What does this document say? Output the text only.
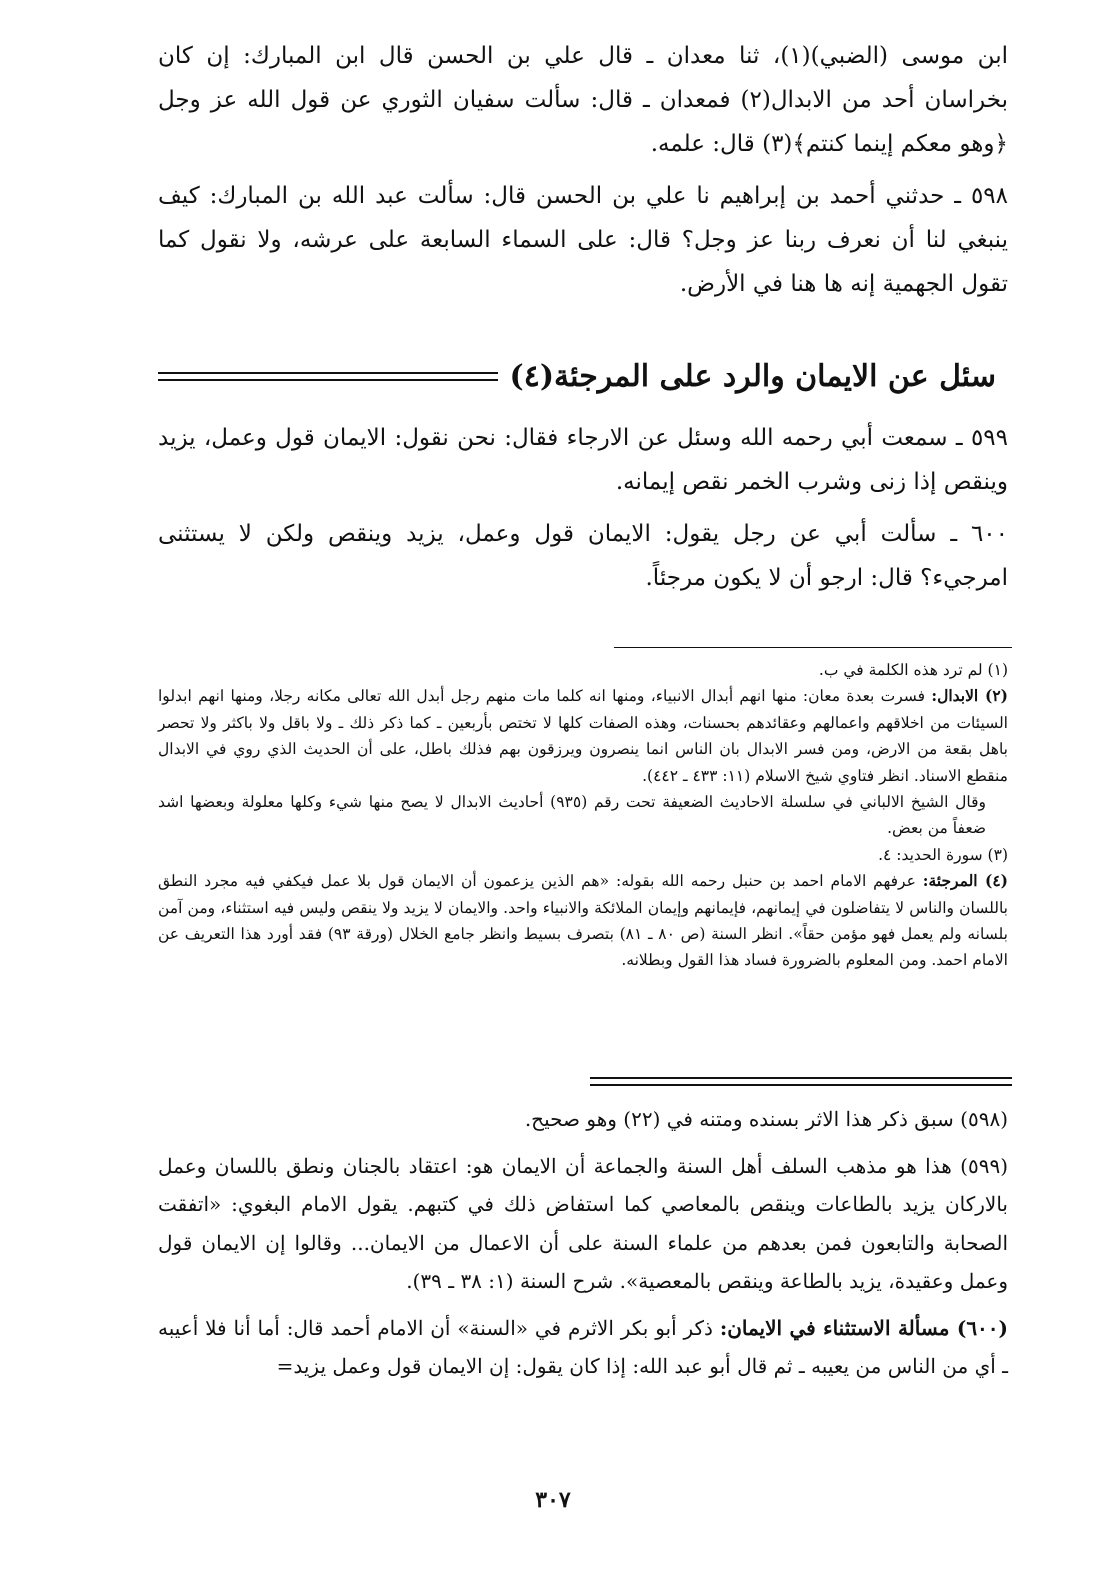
ابن موسى (الضبي)(١)، ثنا معدان ـ قال علي بن الحسن قال ابن المبارك: إن كان بخراسان أحد من الابدال(٢) فمعدان ـ قال: سألت سفيان الثوري عن قول الله عز وجل ﴿وهو معكم إينما كنتم﴾(٣) قال: علمه.

٥٩٨ ـ حدثني أحمد بن إبراهيم نا علي بن الحسن قال: سألت عبد الله بن المبارك: كيف ينبغي لنا أن نعرف ربنا عز وجل؟ قال: على السماء السابعة على عرشه، ولا نقول كما تقول الجهمية إنه ها هنا في الأرض.

سئل عن الايمان والرد على المرجئة(٤)

٥٩٩ ـ سمعت أبي رحمه الله وسئل عن الارجاء فقال: نحن نقول: الايمان قول وعمل، يزيد وينقص إذا زنى وشرب الخمر نقص إيمانه.

٦٠٠ ـ سألت أبي عن رجل يقول: الايمان قول وعمل، يزيد وينقص ولكن لا يستثنى امرجيء؟ قال: ارجو أن لا يكون مرجئاً.

(١) لم ترد هذه الكلمة في ب.

(٢) الابدال: فسرت بعدة معان: منها انهم أبدال الانبياء، ومنها انه كلما مات منهم رجل أبدل الله تعالى مكانه رجلا، ومنها انهم ابدلوا السيئات من اخلاقهم واعمالهم وعقائدهم بحسنات، وهذه الصفات كلها لا تختص بأربعين ـ كما ذكر ذلك ـ ولا باقل ولا باكثر ولا تحصر باهل بقعة من الارض، ومن فسر الابدال بان الناس انما ينصرون ويرزقون بهم فذلك باطل، على أن الحديث الذي روي في الابدال منقطع الاسناد. انظر فتاوي شيخ الاسلام (١١: ٤٣٣ ـ ٤٤٢).

وقال الشيخ الالباني في سلسلة الاحاديث الضعيفة تحت رقم (٩٣٥) أحاديث الابدال لا يصح منها شيء وكلها معلولة وبعضها اشد ضعفاً من بعض.

(٣) سورة الحديد: ٤.

(٤) المرجئة: عرفهم الامام احمد بن حنبل رحمه الله بقوله: «هم الذين يزعمون أن الايمان قول بلا عمل فيكفي فيه مجرد النطق باللسان والناس لا يتفاضلون في إيمانهم، فإيمانهم وإيمان الملائكة والانبياء واحد. والايمان لا يزيد ولا ينقص وليس فيه استثناء، ومن آمن بلسانه ولم يعمل فهو مؤمن حقاً». انظر السنة (ص ٨٠ ـ ٨١) بتصرف بسيط وانظر جامع الخلال (ورقة ٩٣) فقد أورد هذا التعريف عن الامام احمد. ومن المعلوم بالضرورة فساد هذا القول وبطلانه.

(٥٩٨) سبق ذكر هذا الاثر بسنده ومتنه في (٢٢) وهو صحيح.

(٥٩٩) هذا هو مذهب السلف أهل السنة والجماعة أن الايمان هو: اعتقاد بالجنان ونطق باللسان وعمل بالاركان يزيد بالطاعات وينقص بالمعاصي كما استفاض ذلك في كتبهم. يقول الامام البغوي: «اتفقت الصحابة والتابعون فمن بعدهم من علماء السنة على أن الاعمال من الايمان... وقالوا إن الايمان قول وعمل وعقيدة، يزيد بالطاعة وينقص بالمعصية». شرح السنة (١: ٣٨ ـ ٣٩).

(٦٠٠) مسألة الاستثناء في الايمان: ذكر أبو بكر الاثرم في «السنة» أن الامام أحمد قال: أما أنا فلا أعيبه ـ أي من الناس من يعيبه ـ ثم قال أبو عبد الله: إذا كان يقول: إن الايمان قول وعمل يزيد=

٣٠٧
